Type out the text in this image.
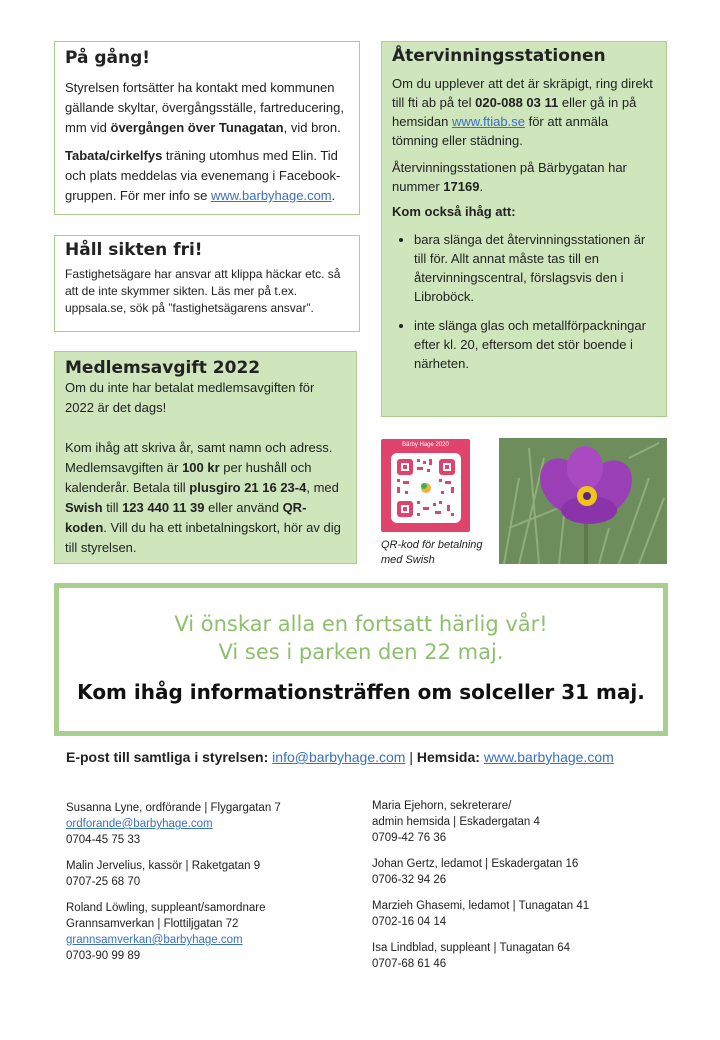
På gång!

Styrelsen fortsätter ha kontakt med kommunen gällande skyltar, övergångsställe, fartreducering, mm vid övergången över Tunagatan, vid bron.

Tabata/cirkelfys träning utomhus med Elin. Tid och plats meddelas via evenemang i Facebook-gruppen. För mer info se www.barbyhage.com.

Håll sikten fri!

Fastighetsägare har ansvar att klippa häckar etc. så att de inte skymmer sikten. Läs mer på t.ex. uppsala.se, sök på ”fastighetsägarens ansvar”.

Medlemsavgift 2022

Om du inte har betalat medlemsavgiften för 2022 är det dags!

Kom ihåg att skriva år, samt namn och adress. Medlemsavgiften är 100 kr per hushåll och kalenderår. Betala till plusgiro 21 16 23-4, med Swish till 123 440 11 39 eller använd QR-koden. Vill du ha ett inbetalningskort, hör av dig till styrelsen.

Återvinningsstationen

Om du upplever att det är skräpigt, ring direkt till fti ab på tel 020-088 03 11 eller gå in på hemsidan www.ftiab.se för att anmäla tömning eller städning.

Återvinningsstationen på Bärbygatan har nummer 17169.

Kom också ihåg att:

• bara slänga det återvinningsstationen är till för. Allt annat måste tas till en återvinningscentral, förslagsvis den i Libroböck.
• inte slänga glas och metallförpackningar efter kl. 20, eftersom det stör boende i närheten.
Bärby Hage 2020
QR-kod för betalning
med Swish
Vi önskar alla en fortsatt härlig vår!
Vi ses i parken den 22 maj.
Kom ihåg informationsträffen om solceller 31 maj.
E-post till samtliga i styrelsen: info@barbyhage.com | Hemsida: www.barbyhage.com
Susanna Lyne, ordförande | Flygargatan 7
ordforande@barbyhage.com
0704-45 75 33
Malin Jervelius, kassör | Raketgatan 9
0707-25 68 70
Roland Löwling, suppleant/samordnare
Grannsamverkan | Flottiljgatan 72
grannsamverkan@barbyhage.com
0703-90 99 89
Maria Ejehorn, sekreterare/
admin hemsida | Eskadergatan 4
0709-42 76 36
Johan Gertz, ledamot | Eskadergatan 16
0706-32 94 26
Marzieh Ghasemi, ledamot | Tunagatan 41
0702-16 04 14
Isa Lindblad, suppleant | Tunagatan 64
0707-68 61 46
